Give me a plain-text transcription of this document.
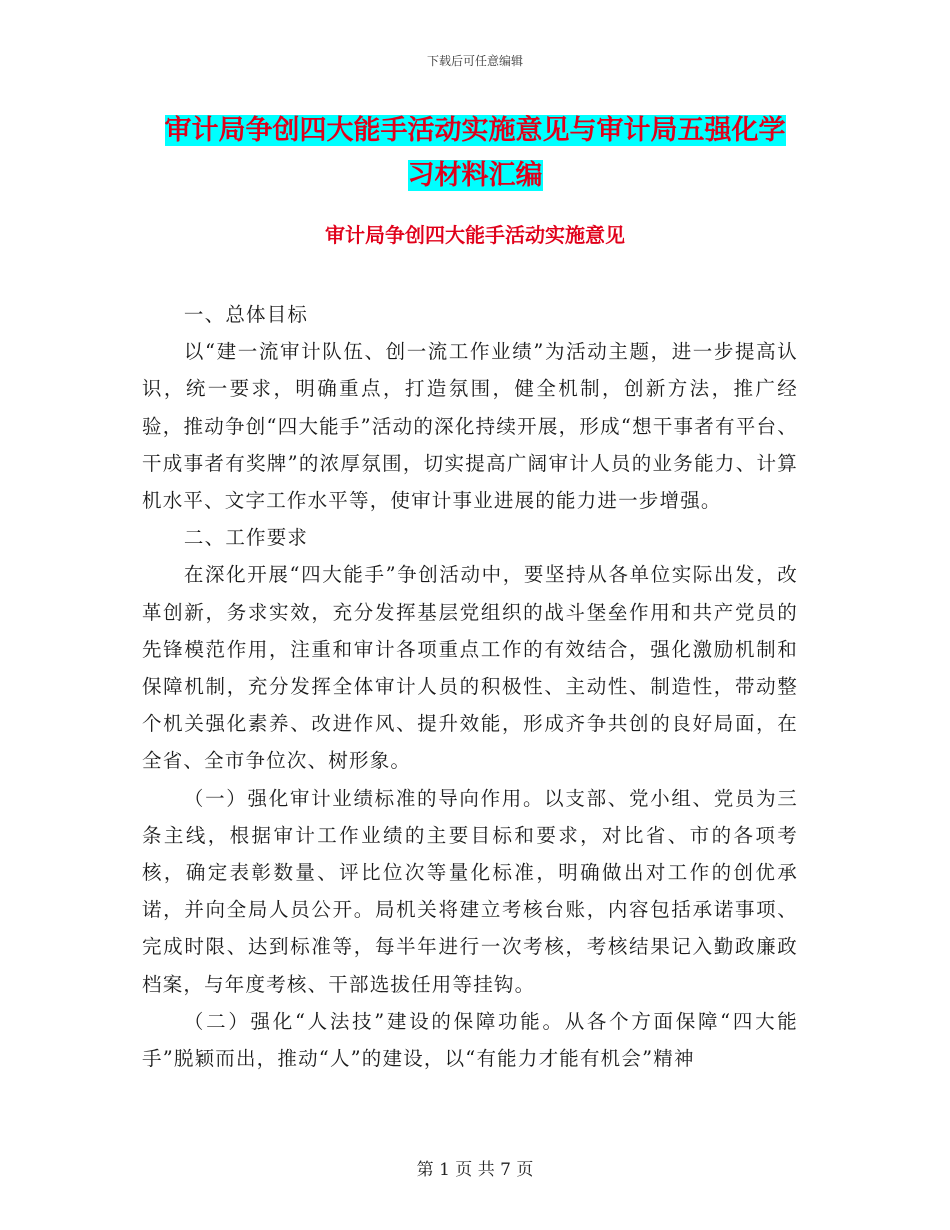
下载后可任意编辑
审计局争创四大能手活动实施意见与审计局五强化学
习材料汇编
审计局争创四大能手活动实施意见

一、总体目标

以“建一流审计队伍、创一流工作业绩”为活动主题，进一步提高认识，统一要求，明确重点，打造氛围，健全机制，创新方法，推广经验，推动争创“四大能手”活动的深化持续开展，形成“想干事者有平台、干成事者有奖牌”的浓厚氛围，切实提高广阔审计人员的业务能力、计算机水平、文字工作水平等，使审计事业进展的能力进一步增强。

二、工作要求

在深化开展“四大能手”争创活动中，要坚持从各单位实际出发，改革创新，务求实效，充分发挥基层党组织的战斗堡垒作用和共产党员的先锋模范作用，注重和审计各项重点工作的有效结合，强化激励机制和保障机制，充分发挥全体审计人员的积极性、主动性、制造性，带动整个机关强化素养、改进作风、提升效能，形成齐争共创的良好局面，在全省、全市争位次、树形象。

（一）强化审计业绩标准的导向作用。以支部、党小组、党员为三条主线，根据审计工作业绩的主要目标和要求，对比省、市的各项考核，确定表彰数量、评比位次等量化标准，明确做出对工作的创优承诺，并向全局人员公开。局机关将建立考核台账，内容包括承诺事项、完成时限、达到标准等，每半年进行一次考核，考核结果记入勤政廉政档案，与年度考核、干部选拔任用等挂钩。

（二）强化“人法技”建设的保障功能。从各个方面保障“四大能手”脱颖而出，推动“人”的建设，以“有能力才能有机会”精神

第 1 页 共 7 页
